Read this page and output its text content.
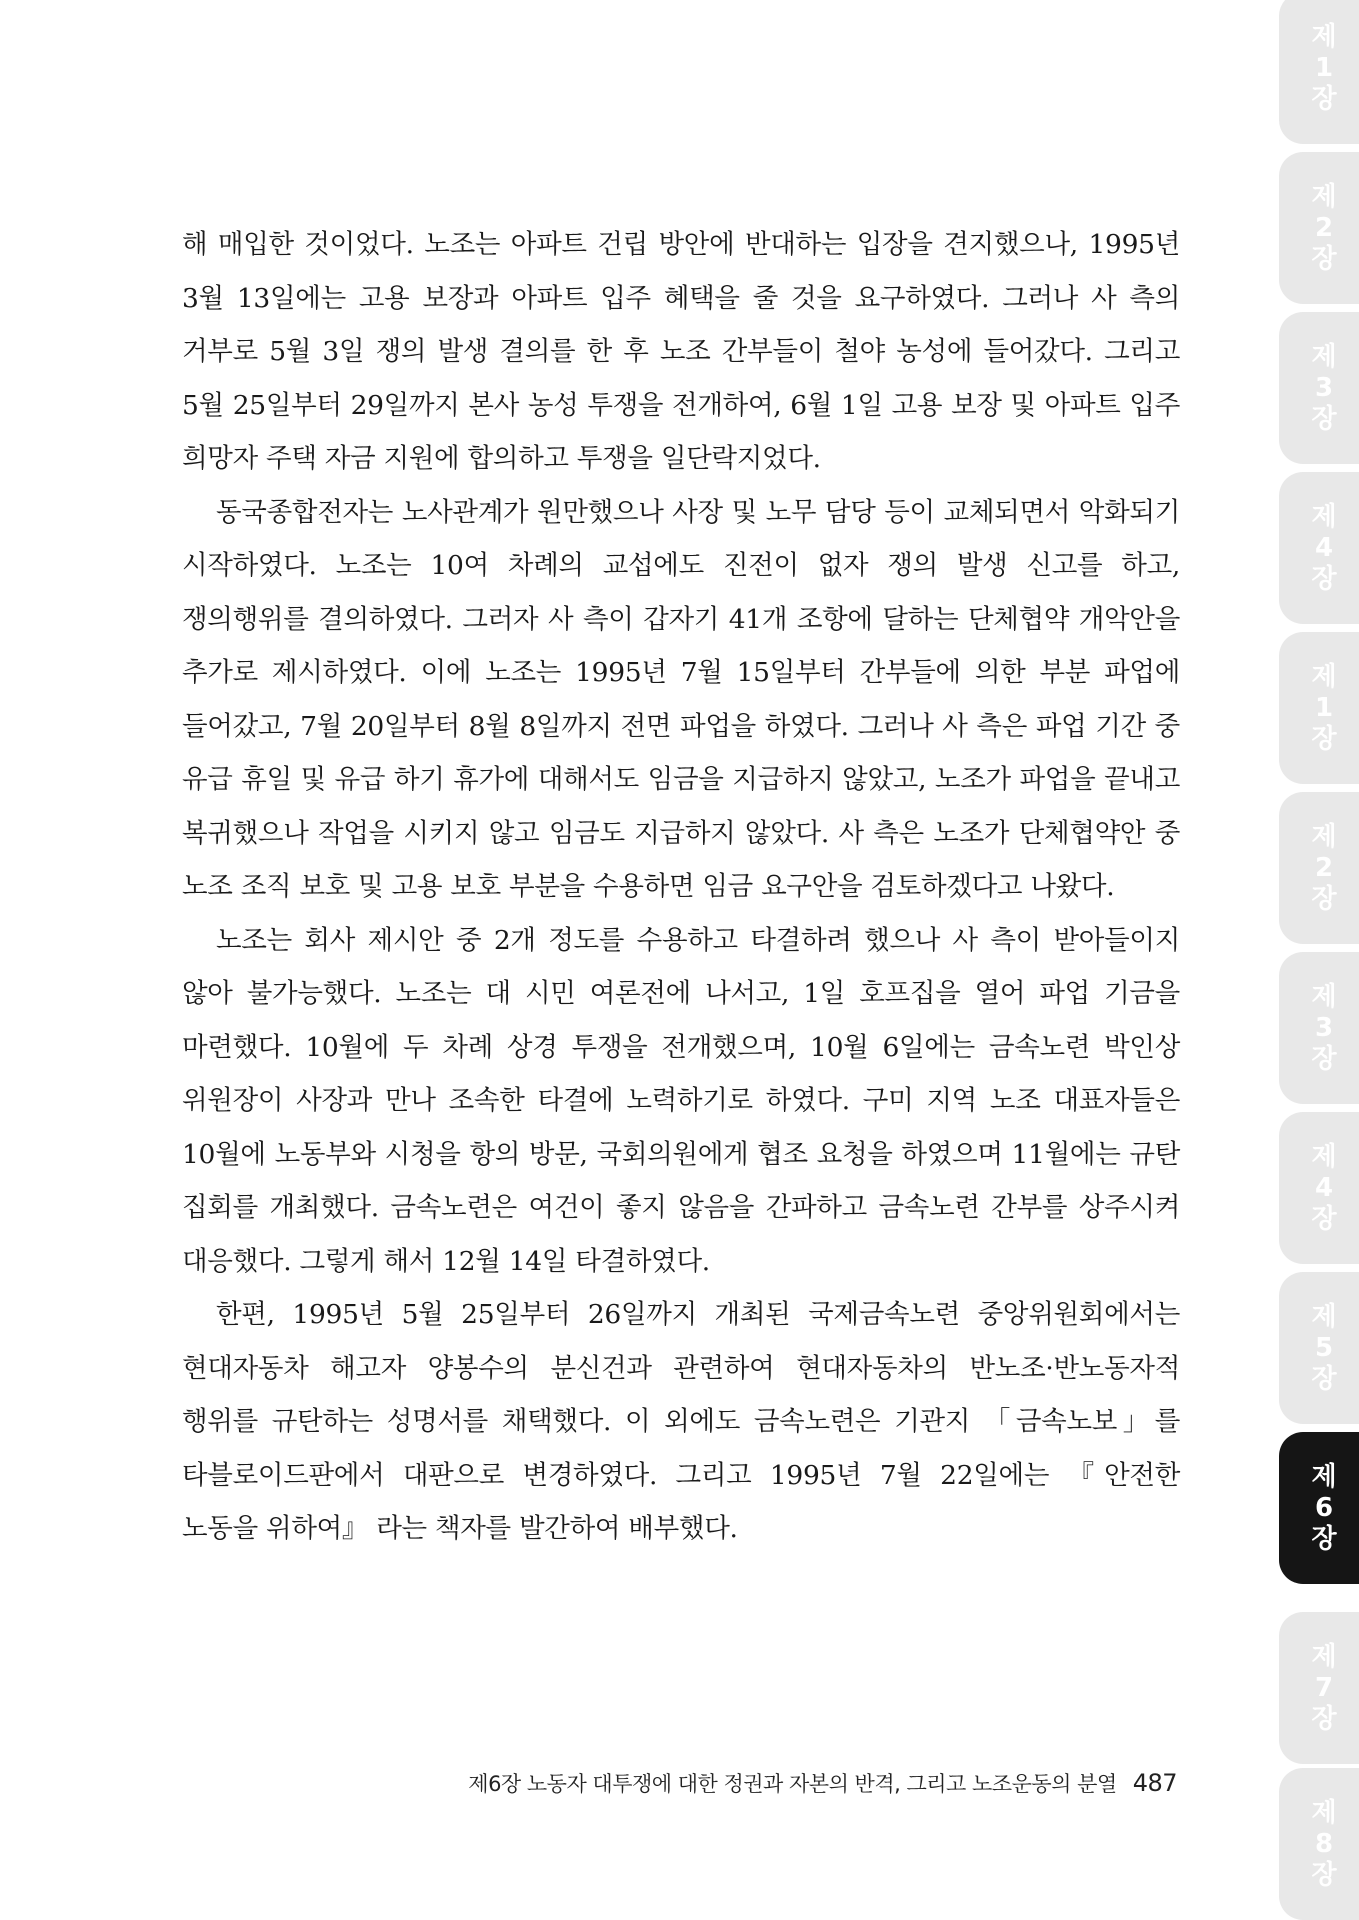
해 매입한 것이었다. 노조는 아파트 건립 방안에 반대하는 입장을 견지했으나, 1995년 3월 13일에는 고용 보장과 아파트 입주 혜택을 줄 것을 요구하였다. 그러나 사 측의 거부로 5월 3일 쟁의 발생 결의를 한 후 노조 간부들이 철야 농성에 들어갔다. 그리고 5월 25일부터 29일까지 본사 농성 투쟁을 전개하여, 6월 1일 고용 보장 및 아파트 입주 희망자 주택 자금 지원에 합의하고 투쟁을 일단락지었다.

동국종합전자는 노사관계가 원만했으나 사장 및 노무 담당 등이 교체되면서 악화되기 시작하였다. 노조는 10여 차례의 교섭에도 진전이 없자 쟁의 발생 신고를 하고, 쟁의행위를 결의하였다. 그러자 사 측이 갑자기 41개 조항에 달하는 단체협약 개악안을 추가로 제시하였다. 이에 노조는 1995년 7월 15일부터 간부들에 의한 부분 파업에 들어갔고, 7월 20일부터 8월 8일까지 전면 파업을 하였다. 그러나 사 측은 파업 기간 중 유급 휴일 및 유급 하기 휴가에 대해서도 임금을 지급하지 않았고, 노조가 파업을 끝내고 복귀했으나 작업을 시키지 않고 임금도 지급하지 않았다. 사 측은 노조가 단체협약안 중 노조 조직 보호 및 고용 보호 부분을 수용하면 임금 요구안을 검토하겠다고 나왔다.

노조는 회사 제시안 중 2개 정도를 수용하고 타결하려 했으나 사 측이 받아들이지 않아 불가능했다. 노조는 대 시민 여론전에 나서고, 1일 호프집을 열어 파업 기금을 마련했다. 10월에 두 차례 상경 투쟁을 전개했으며, 10월 6일에는 금속노련 박인상 위원장이 사장과 만나 조속한 타결에 노력하기로 하였다. 구미 지역 노조 대표자들은 10월에 노동부와 시청을 항의 방문, 국회의원에게 협조 요청을 하였으며 11월에는 규탄 집회를 개최했다. 금속노련은 여건이 좋지 않음을 간파하고 금속노련 간부를 상주시켜 대응했다. 그렇게 해서 12월 14일 타결하였다.

한편, 1995년 5월 25일부터 26일까지 개최된 국제금속노련 중앙위원회에서는 현대자동차 해고자 양봉수의 분신건과 관련하여 현대자동차의 반노조·반노동자적 행위를 규탄하는 성명서를 채택했다. 이 외에도 금속노련은 기관지 「금속노보」를 타블로이드판에서 대판으로 변경하였다. 그리고 1995년 7월 22일에는 『안전한 노동을 위하여』 라는 책자를 발간하여 배부했다.

제6장 노동자 대투쟁에 대한 정권과 자본의 반격, 그리고 노조운동의 분열 487
제
1
장
제
2
장
제
3
장
제
4
장
제
1
장
제
2
장
제
3
장
제
4
장
제
5
장
제
6
장
제
7
장
제
8
장
